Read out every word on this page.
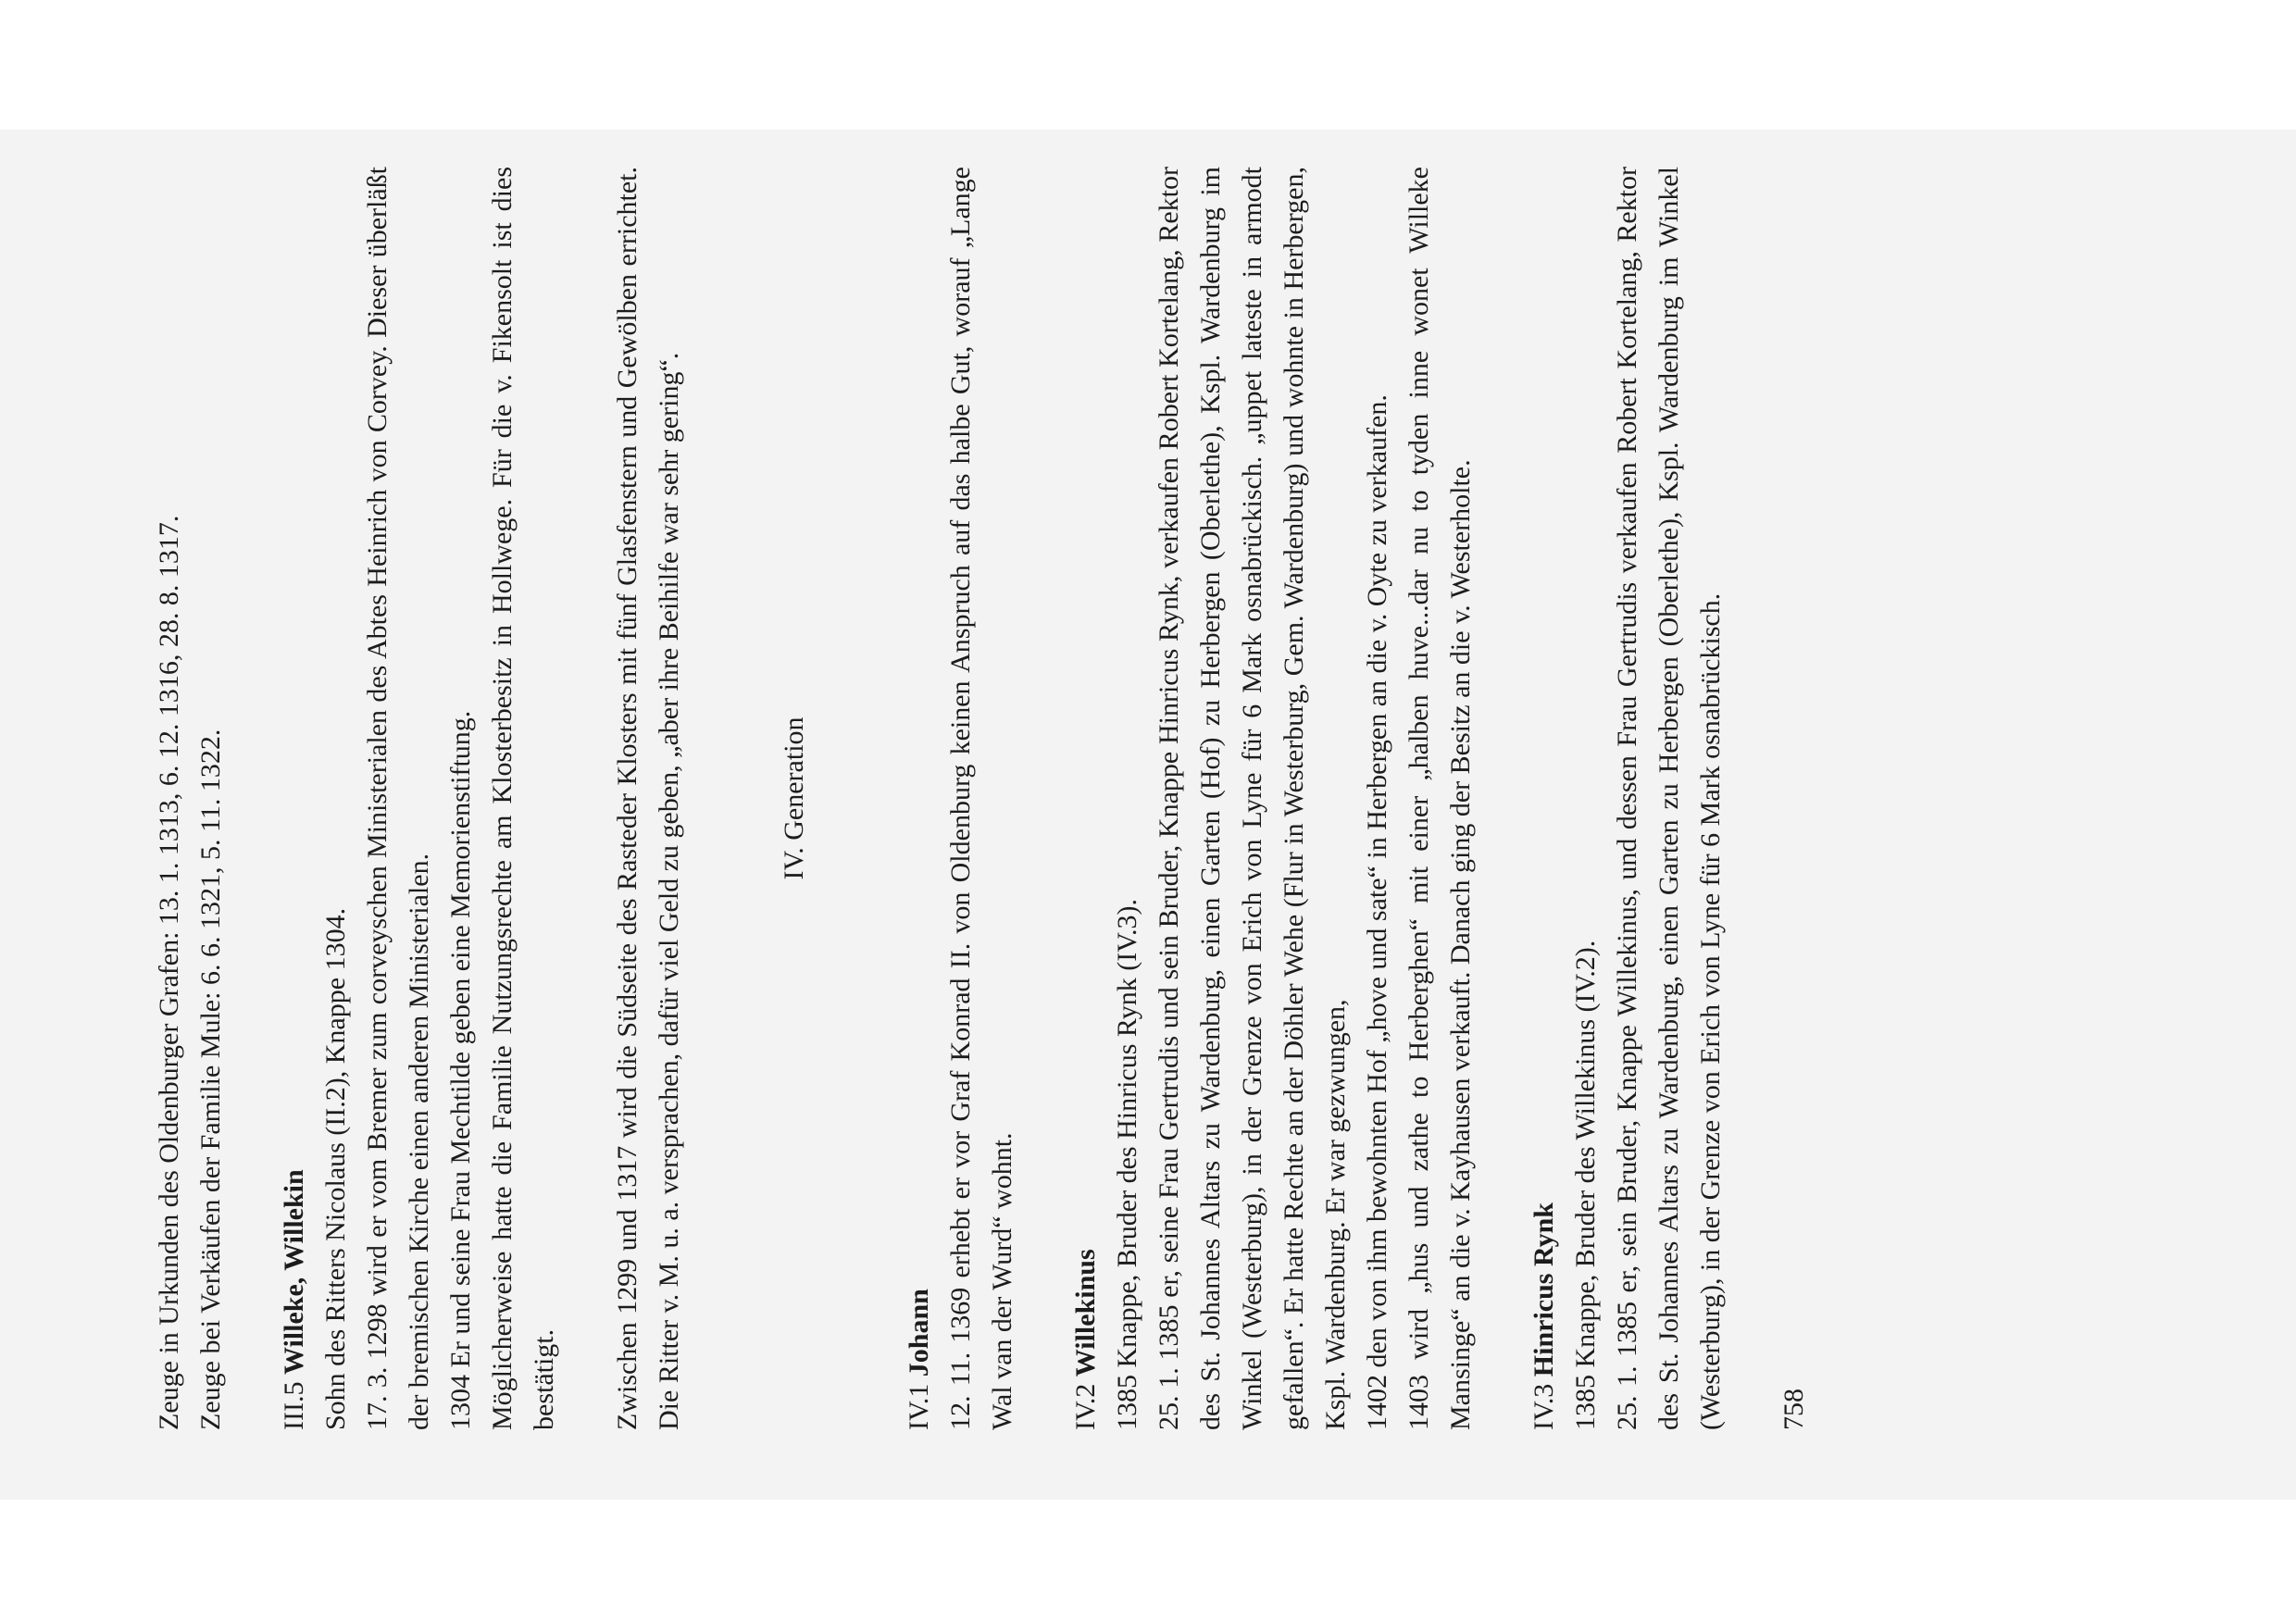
Zeuge in Urkunden des Oldenburger Grafen: 13. 1. 1313, 6. 12. 1316, 28. 8. 1317. Zeuge bei Verkäufen der Familie Mule: 6. 6. 1321, 5. 11. 1322. III.5 Willeke, Willekin Sohn des Ritters Nicolaus (II.2), Knappe 1304. 17. 3. 1298 wird er vom Bremer zum corveyschen Ministerialen des Abtes Heinrich von Corvey. Dieser überläßt der bremischen Kirche einen anderen Ministerialen. 1304 Er und seine Frau Mechtilde geben eine Memorienstiftung. Möglicherweise hatte die Familie Nutzungsrechte am Klosterbesitz in Hollwege. Für die v. Fikensolt ist dies bestätigt. Zwischen 1299 und 1317 wird die Südseite des Rasteder Klosters mit fünf Glasfenstern und Gewölben errichtet. Die Ritter v. M. u. a. versprachen, dafür viel Geld zu geben, „aber ihre Beihilfe war sehr gering“.	IV. Generation

IV.1 Johann 12. 11. 1369 erhebt er vor Graf Konrad II. von Oldenburg keinen Anspruch auf das halbe Gut, worauf „Lange Wal van der Wurd“ wohnt. IV.2 Willekinus 1385 Knappe, Bruder des Hinricus Rynk (IV.3). 25. 1. 1385 er, seine Frau Gertrudis und sein Bruder, Knappe Hinricus Rynk, verkaufen Robert Kortelang, Rektor des St. Johannes Altars zu Wardenburg, einen Garten (Hof) zu Herbergen (Oberlethe), Kspl. Wardenburg im Winkel (Westerburg), in der Grenze von Erich von Lyne für 6 Mark osnabrückisch. „uppet lateste in armodt gefallen“. Er hatte Rechte an der Döhler Wehe (Flur in Westerburg, Gem. Wardenburg) und wohnte in Herbergen, Kspl. Wardenburg. Er war gezwungen, 1402 den von ihm bewohnten Hof „hove und sate“ in Herbergen an die v. Oyte zu verkaufen. 1403 wird „hus und zathe to Herberghen“ mit einer „halben huve...dar nu to tyden inne wonet Willeke Mansinge“ an die v. Kayhausen verkauft. Danach ging der Besitz an die v. Westerholte. IV.3 Hinricus Rynk 1385 Knappe, Bruder des Willekinus (IV.2). 25. 1. 1385 er, sein Bruder, Knappe Willekinus, und dessen Frau Gertrudis verkaufen Robert Kortelang, Rektor des St. Johannes Altars zu Wardenburg, einen Garten zu Herbergen (Oberlethe), Kspl. Wardenburg im Winkel (Westerburg), in der Grenze von Erich von Lyne für 6 Mark osnabrückisch. 758
